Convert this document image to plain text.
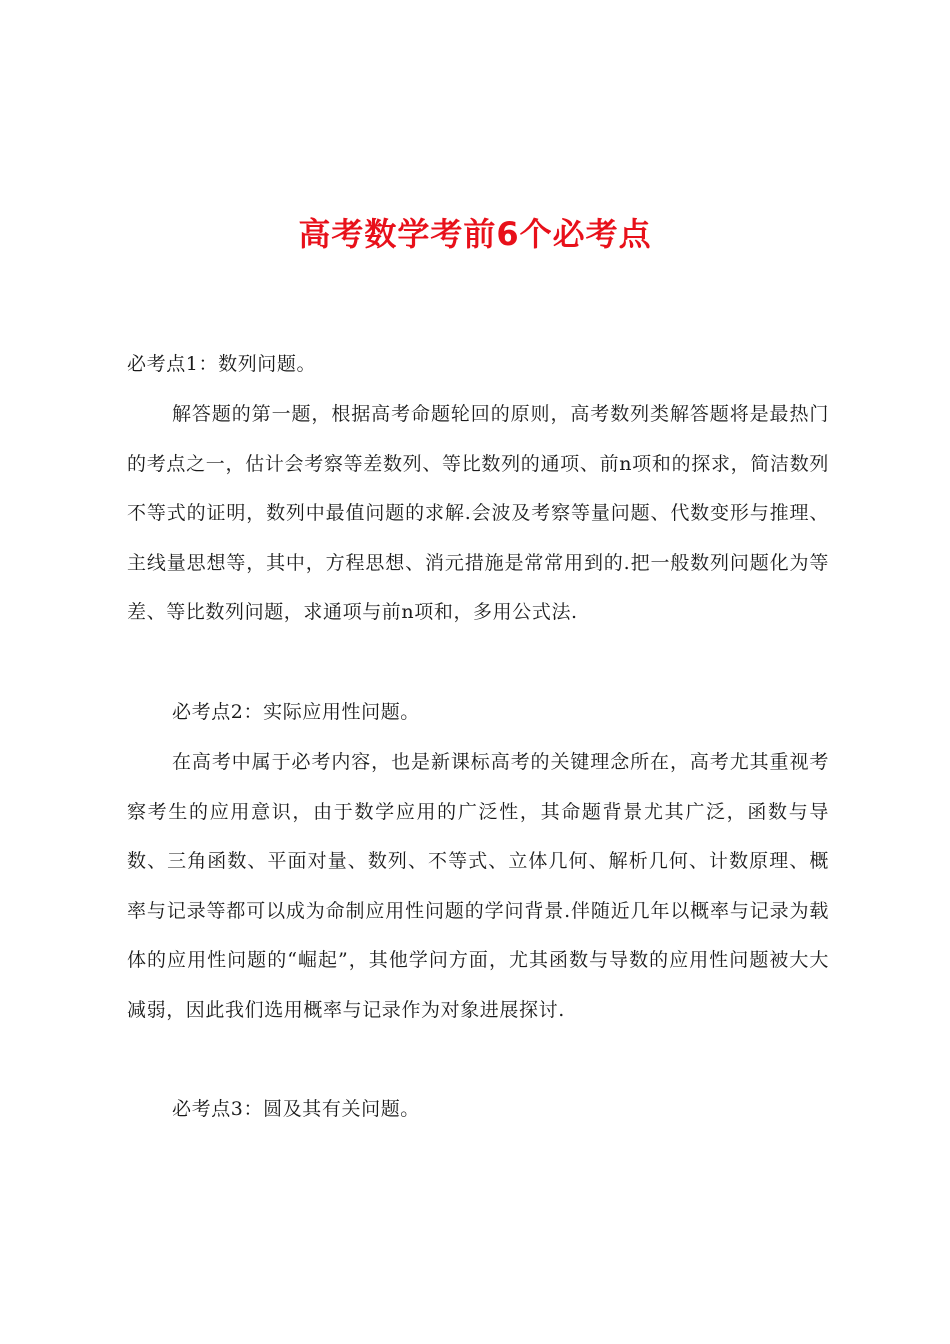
高考数学考前6个必考点

必考点1：数列问题。

解答题的第一题，根据高考命题轮回的原则，高考数列类解答题将是最热门的考点之一，估计会考察等差数列、等比数列的通项、前n项和的探求，简洁数列不等式的证明，数列中最值问题的求解.会波及考察等量问题、代数变形与推理、主线量思想等，其中，方程思想、消元措施是常常用到的.把一般数列问题化为等差、等比数列问题，求通项与前n项和，多用公式法.

必考点2：实际应用性问题。

在高考中属于必考内容，也是新课标高考的关键理念所在，高考尤其重视考察考生的应用意识，由于数学应用的广泛性，其命题背景尤其广泛，函数与导数、三角函数、平面对量、数列、不等式、立体几何、解析几何、计数原理、概率与记录等都可以成为命制应用性问题的学问背景.伴随近几年以概率与记录为载体的应用性问题的“崛起”，其他学问方面，尤其函数与导数的应用性问题被大大减弱，因此我们选用概率与记录作为对象进展探讨.

必考点3：圆及其有关问题。
